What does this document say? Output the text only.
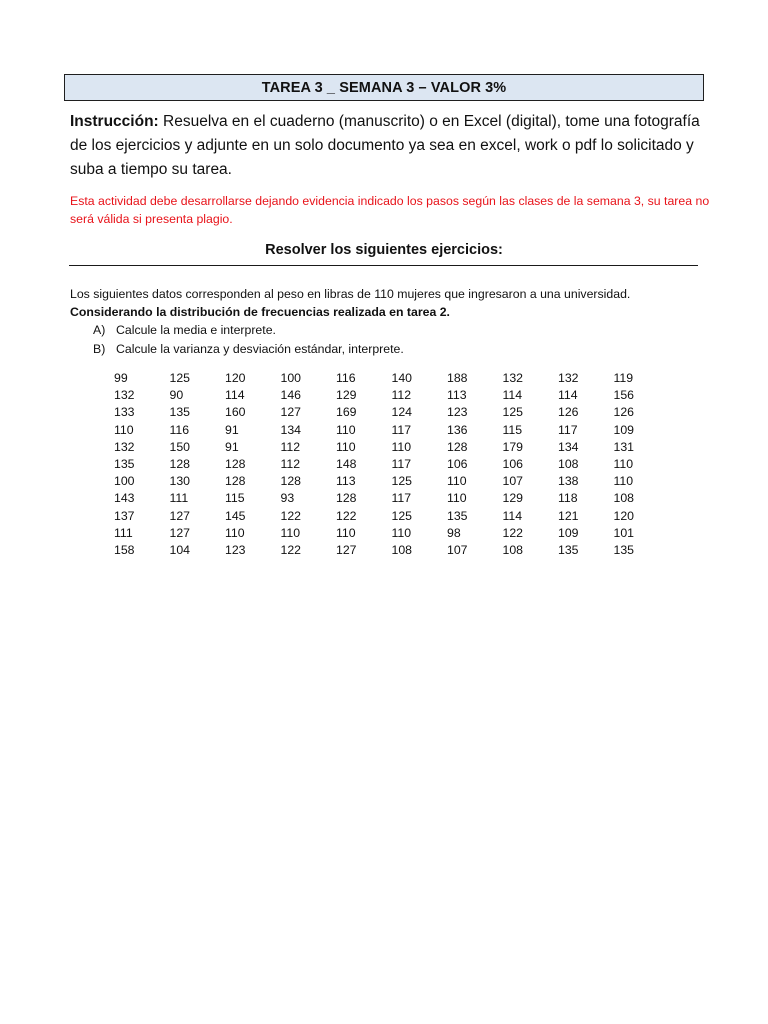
TAREA 3 _ SEMANA 3 – VALOR 3%
Instrucción: Resuelva en el cuaderno (manuscrito) o en Excel (digital), tome una fotografía de los ejercicios y adjunte en un solo documento ya sea en excel, work o pdf lo solicitado y suba a tiempo su tarea.
Esta actividad debe desarrollarse dejando evidencia indicado los pasos según las clases de la semana 3, su tarea no será válida si presenta plagio.
Resolver los siguientes ejercicios:
Los siguientes datos corresponden al peso en libras de 110 mujeres que ingresaron a una universidad.
Considerando la distribución de frecuencias realizada en tarea 2.
A) Calcule la media e interprete.
B) Calcule la varianza y desviación estándar, interprete.
99	125	120	100	116	140	188	132	132	119
132	90	114	146	129	112	113	114	114	156
133	135	160	127	169	124	123	125	126	126
110	116	91	134	110	117	136	115	117	109
132	150	91	112	110	110	128	179	134	131
135	128	128	112	148	117	106	106	108	110
100	130	128	128	113	125	110	107	138	110
143	111	115	93	128	117	110	129	118	108
137	127	145	122	122	125	135	114	121	120
111	127	110	110	110	110	98	122	109	101
158	104	123	122	127	108	107	108	135	135
